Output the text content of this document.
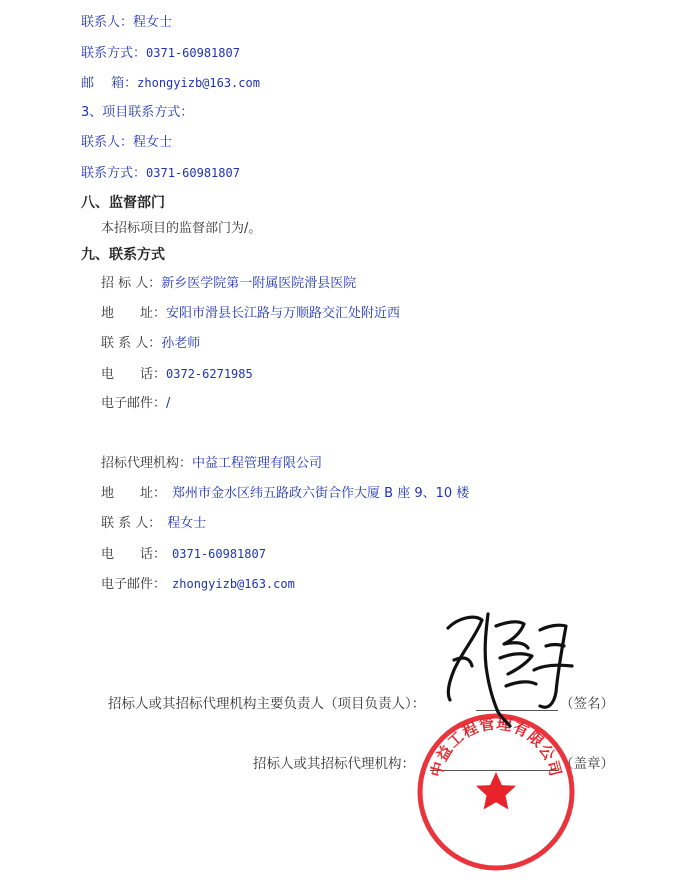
联系人：程女士
联系方式：0371-60981807
邮　 箱：zhongyizb@163.com
3、项目联系方式：
联系人：程女士
联系方式：0371-60981807
八、监督部门
本招标项目的监督部门为/。
九、联系方式
招 标 人：新乡医学院第一附属医院滑县医院
地　　址：安阳市滑县长江路与万顺路交汇处附近西
联 系 人：孙老师
电　　话：0372-6271985
电子邮件：/
招标代理机构：中益工程管理有限公司
地　　址： 郑州市金水区纬五路政六街合作大厦 B 座 9、10 楼
联 系 人： 程女士
电　　话： 0371-60981807
电子邮件： zhongyizb@163.com
招标人或其招标代理机构主要负责人（项目负责人）：	（签名）
招标人或其招标代理机构：	（盖章）
中益工程管理有限公司
